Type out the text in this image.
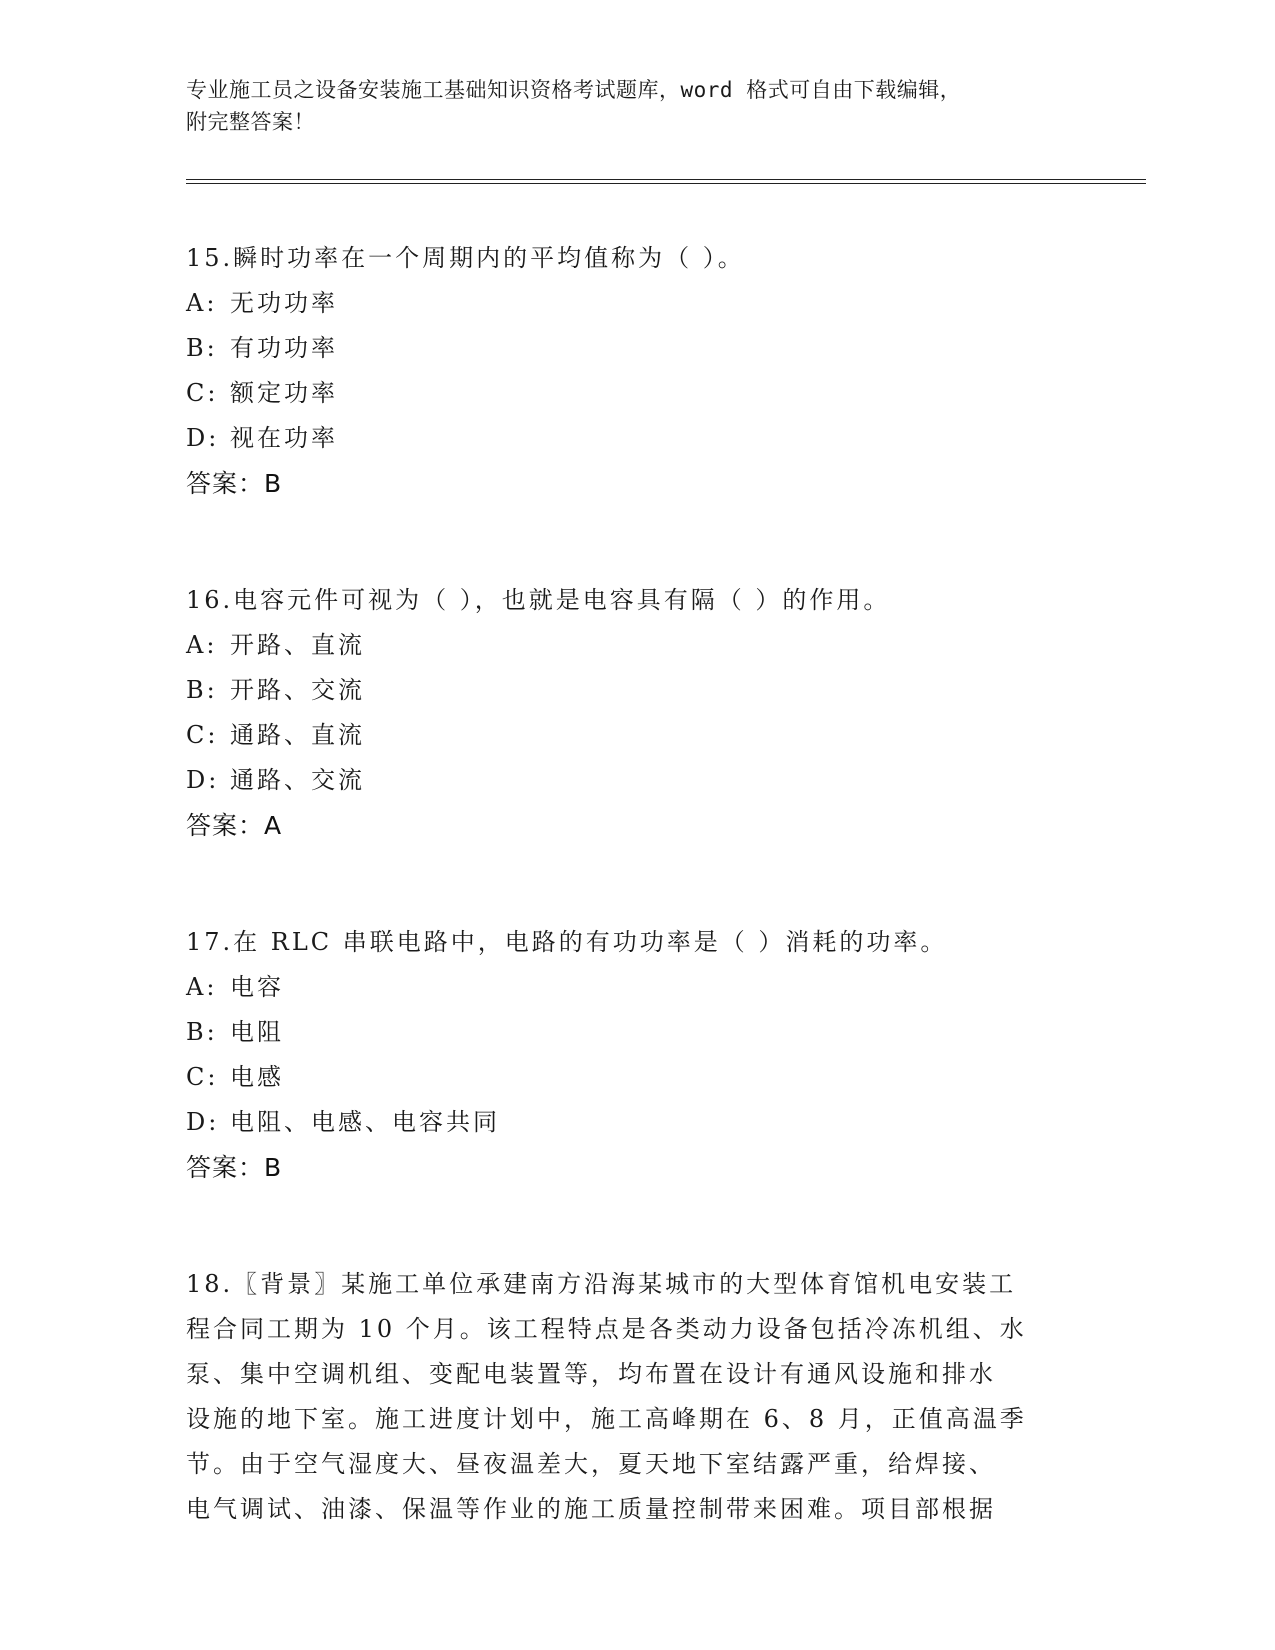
专业施工员之设备安装施工基础知识资格考试题库，word 格式可自由下载编辑，
附完整答案！
15.瞬时功率在一个周期内的平均值称为（ ）。
A: 无功功率
B: 有功功率
C: 额定功率
D: 视在功率
答案：B
16.电容元件可视为（ ），也就是电容具有隔（ ）的作用。
A: 开路、直流
B: 开路、交流
C: 通路、直流
D: 通路、交流
答案：A
17.在 RLC 串联电路中，电路的有功功率是（ ）消耗的功率。
A: 电容
B: 电阻
C: 电感
D: 电阻、电感、电容共同
答案：B
18.〖背景〗某施工单位承建南方沿海某城市的大型体育馆机电安装工
程合同工期为 10 个月。该工程特点是各类动力设备包括冷冻机组、水
泵、集中空调机组、变配电装置等，均布置在设计有通风设施和排水
设施的地下室。施工进度计划中，施工高峰期在 6、8 月，正值高温季
节。由于空气湿度大、昼夜温差大，夏天地下室结露严重，给焊接、
电气调试、油漆、保温等作业的施工质量控制带来困难。项目部根据
